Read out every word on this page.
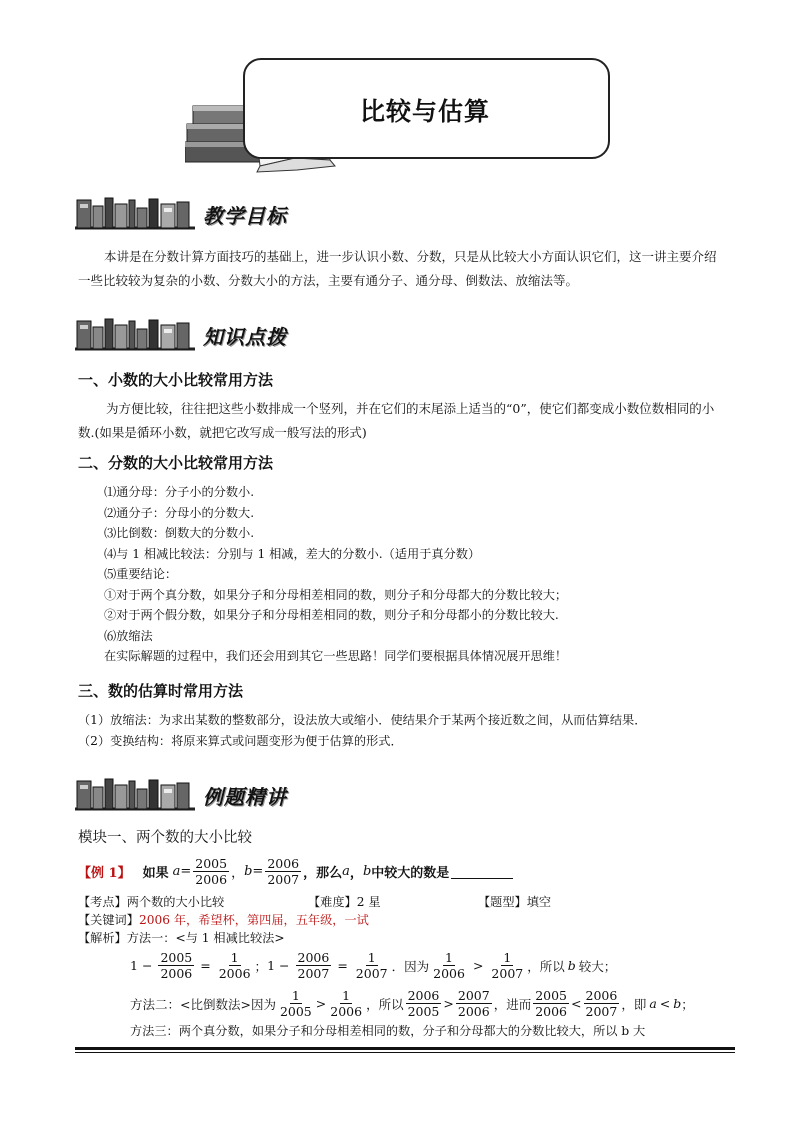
比较与估算
教学目标
本讲是在分数计算方面技巧的基础上，进一步认识小数、分数，只是从比较大小方面认识它们，这一讲主要介绍一些比较较为复杂的小数、分数大小的方法，主要有通分子、通分母、倒数法、放缩法等。
知识点拨
一、小数的大小比较常用方法
为方便比较，往往把这些小数排成一个竖列，并在它们的末尾添上适当的“0”，使它们都变成小数位数相同的小数.(如果是循环小数，就把它改写成一般写法的形式)
二、分数的大小比较常用方法
⑴通分母：分子小的分数小.
⑵通分子：分母小的分数大.
⑶比倒数：倒数大的分数小.
⑷与 1 相减比较法：分别与 1 相减，差大的分数小.（适用于真分数）
⑸重要结论：
①对于两个真分数，如果分子和分母相差相同的数，则分子和分母都大的分数比较大；
②对于两个假分数，如果分子和分母相差相同的数，则分子和分母都小的分数比较大.
⑹放缩法
在实际解题的过程中，我们还会用到其它一些思路！同学们要根据具体情况展开思维！
三、数的估算时常用方法
（1）放缩法：为求出某数的整数部分，设法放大或缩小．使结果介于某两个接近数之间，从而估算结果．
（2）变换结构：将原来算式或问题变形为便于估算的形式．
例题精讲
模块一、两个数的大小比较
【例 1】 如果 $a = \frac{2005}{2006}$ ， $b = \frac{2006}{2007}$ ，那么 a ， b 中较大的数是
【考点】两个数的大小比较	【难度】2 星	【题型】填空
【关键词】2006 年，希望杯，第四届，五年级，一试
【解析】方法一：<与 1 相减比较法>
$1 - \frac{2005}{2006} = \frac{1}{2006}$ ； $1 - \frac{2006}{2007} = \frac{1}{2007}$ ．因为 $\frac{1}{2006} > \frac{1}{2007}$ ，所以 b 较大；
方法二：<比倒数法>因为 $\frac{1}{2005} > \frac{1}{2006}$ ，所以 $\frac{2006}{2005} > \frac{2007}{2006}$ ，进而 $\frac{2005}{2006} < \frac{2006}{2007}$ ，即 a < b ；
方法三：两个真分数，如果分子和分母相差相同的数，分子和分母都大的分数比较大，所以 b 大
